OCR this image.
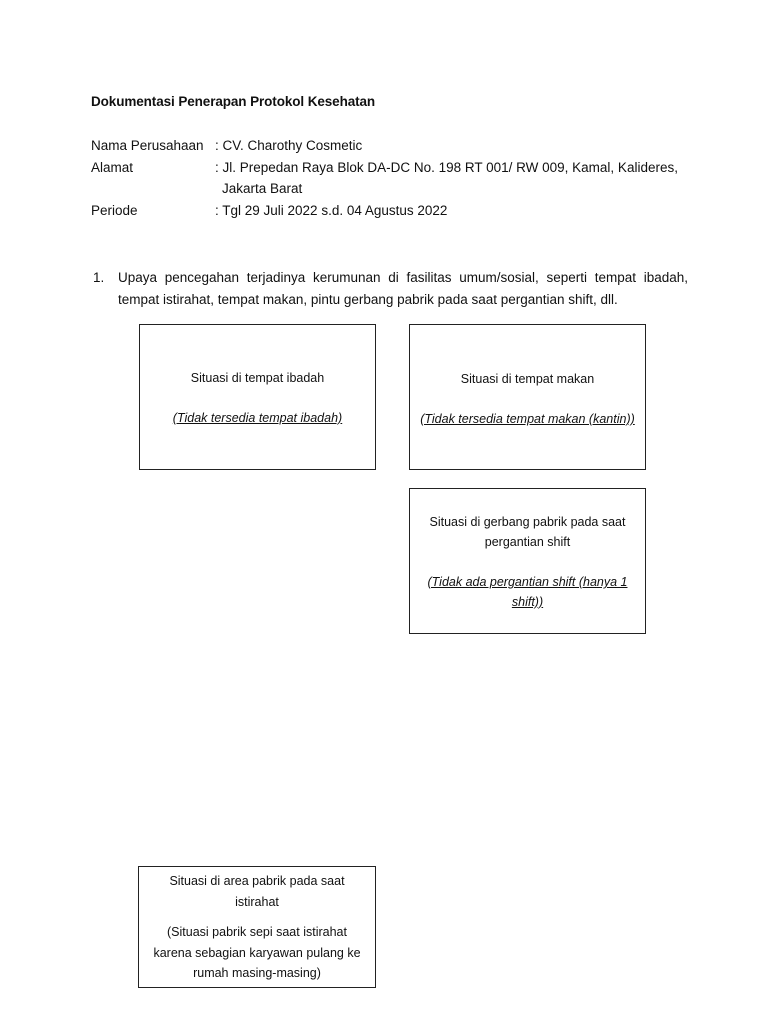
Dokumentasi Penerapan Protokol Kesehatan
Nama Perusahaan : CV. Charothy Cosmetic
Alamat	: Jl. Prepedan Raya Blok DA-DC No. 198 RT 001/ RW 009, Kamal, Kalideres,
Jakarta Barat
Periode	: Tgl 29 Juli 2022 s.d. 04 Agustus 2022
1. Upaya pencegahan terjadinya kerumunan di fasilitas umum/sosial, seperti tempat ibadah, tempat istirahat, tempat makan, pintu gerbang pabrik pada saat pergantian shift, dll.
Situasi di tempat ibadah
(Tidak tersedia tempat ibadah)
Situasi di tempat makan
(Tidak tersedia tempat makan (kantin))
Situasi di gerbang pabrik pada saat pergantian shift
(Tidak ada pergantian shift (hanya 1 shift))
Situasi di area pabrik pada saat istirahat
(Situasi pabrik sepi saat istirahat karena sebagian karyawan pulang ke rumah masing-masing)
